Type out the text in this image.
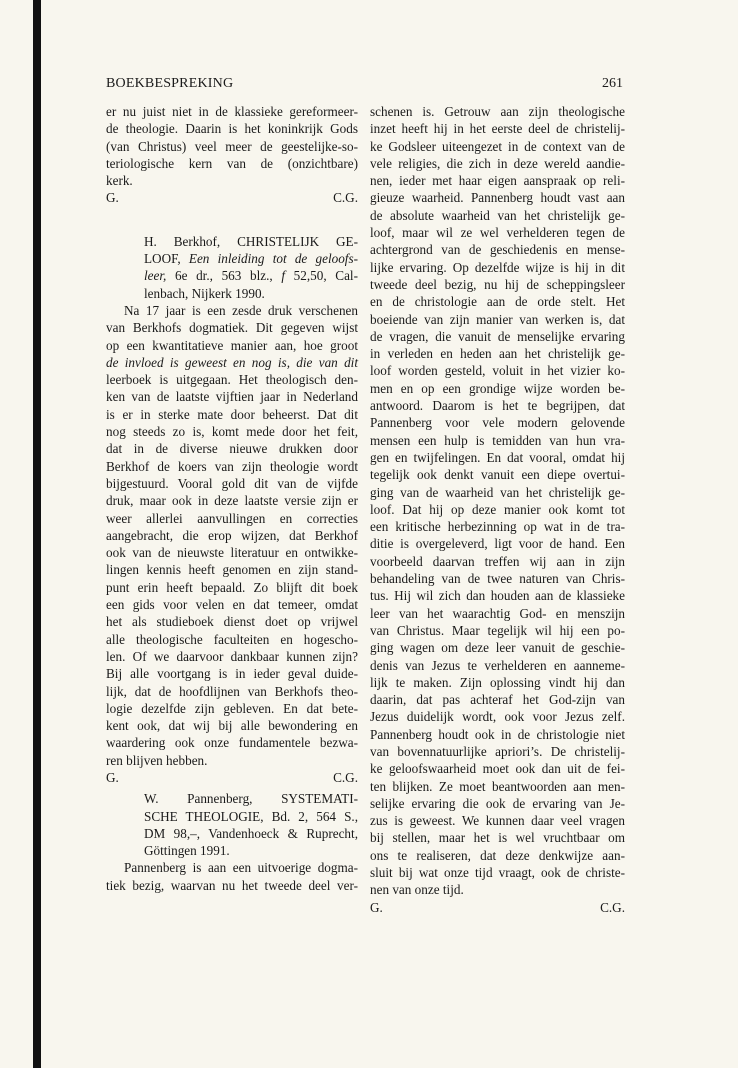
BOEKBESPREKING	261
er nu juist niet in de klassieke gereformeer-
de theologie. Daarin is het koninkrijk Gods
(van Christus) veel meer de geestelijke-so-
teriologische kern van de (onzichtbare)
kerk.
G.	C.G.
H. Berkhof, CHRISTELIJK GE-
LOOF, Een inleiding tot de geloofs-
leer, 6e dr., 563 blz., f 52,50, Cal-
lenbach, Nijkerk 1990.
Na 17 jaar is een zesde druk verschenen
van Berkhofs dogmatiek. Dit gegeven wijst
op een kwantitatieve manier aan, hoe groot
de invloed is geweest en nog is, die van dit
leerboek is uitgegaan. Het theologisch den-
ken van de laatste vijftien jaar in Nederland
is er in sterke mate door beheerst. Dat dit
nog steeds zo is, komt mede door het feit,
dat in de diverse nieuwe drukken door
Berkhof de koers van zijn theologie wordt
bijgestuurd. Vooral gold dit van de vijfde
druk, maar ook in deze laatste versie zijn er
weer allerlei aanvullingen en correcties
aangebracht, die erop wijzen, dat Berkhof
ook van de nieuwste literatuur en ontwikke-
lingen kennis heeft genomen en zijn stand-
punt erin heeft bepaald. Zo blijft dit boek
een gids voor velen en dat temeer, omdat
het als studieboek dienst doet op vrijwel
alle theologische faculteiten en hogescho-
len. Of we daarvoor dankbaar kunnen zijn?
Bij alle voortgang is in ieder geval duide-
lijk, dat de hoofdlijnen van Berkhofs theo-
logie dezelfde zijn gebleven. En dat bete-
kent ook, dat wij bij alle bewondering en
waardering ook onze fundamentele bezwa-
ren blijven hebben.
G.	C.G.
W. Pannenberg, SYSTEMATI-
SCHE THEOLOGIE, Bd. 2, 564 S.,
DM 98,–, Vandenhoeck & Ruprecht,
Göttingen 1991.
Pannenberg is aan een uitvoerige dogma-
tiek bezig, waarvan nu het tweede deel ver-
schenen is. Getrouw aan zijn theologische
inzet heeft hij in het eerste deel de christelij-
ke Godsleer uiteengezet in de context van de
vele religies, die zich in deze wereld aandie-
nen, ieder met haar eigen aanspraak op reli-
gieuze waarheid. Pannenberg houdt vast aan
de absolute waarheid van het christelijk ge-
loof, maar wil ze wel verhelderen tegen de
achtergrond van de geschiedenis en mense-
lijke ervaring. Op dezelfde wijze is hij in dit
tweede deel bezig, nu hij de scheppingsleer
en de christologie aan de orde stelt. Het
boeiende van zijn manier van werken is, dat
de vragen, die vanuit de menselijke ervaring
in verleden en heden aan het christelijk ge-
loof worden gesteld, voluit in het vizier ko-
men en op een grondige wijze worden be-
antwoord. Daarom is het te begrijpen, dat
Pannenberg voor vele modern gelovende
mensen een hulp is temidden van hun vra-
gen en twijfelingen. En dat vooral, omdat hij
tegelijk ook denkt vanuit een diepe overtui-
ging van de waarheid van het christelijk ge-
loof. Dat hij op deze manier ook komt tot
een kritische herbezinning op wat in de tra-
ditie is overgeleverd, ligt voor de hand. Een
voorbeeld daarvan treffen wij aan in zijn
behandeling van de twee naturen van Chris-
tus. Hij wil zich dan houden aan de klassieke
leer van het waarachtig God- en menszijn
van Christus. Maar tegelijk wil hij een po-
ging wagen om deze leer vanuit de geschie-
denis van Jezus te verhelderen en aanneme-
lijk te maken. Zijn oplossing vindt hij dan
daarin, dat pas achteraf het God-zijn van
Jezus duidelijk wordt, ook voor Jezus zelf.
Pannenberg houdt ook in de christologie niet
van bovennatuurlijke apriori’s. De christelij-
ke geloofswaarheid moet ook dan uit de fei-
ten blijken. Ze moet beantwoorden aan men-
selijke ervaring die ook de ervaring van Je-
zus is geweest. We kunnen daar veel vragen
bij stellen, maar het is wel vruchtbaar om
ons te realiseren, dat deze denkwijze aan-
sluit bij wat onze tijd vraagt, ook de christe-
nen van onze tijd.
G.	C.G.
